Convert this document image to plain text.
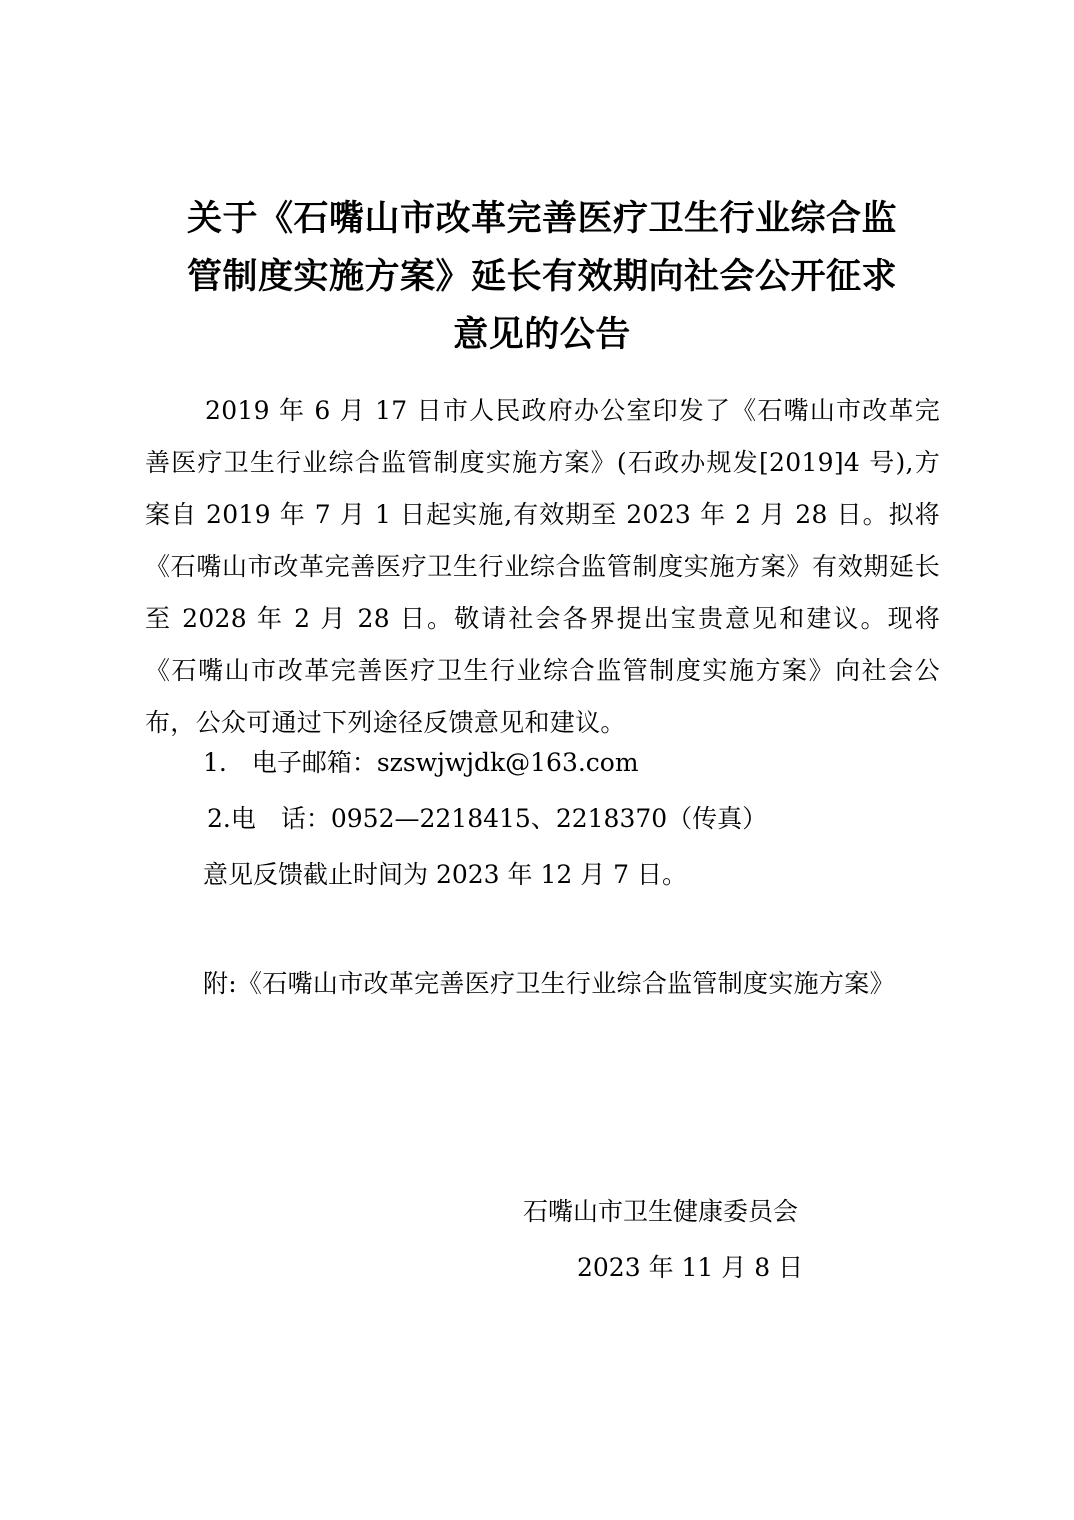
关于《石嘴山市改革完善医疗卫生行业综合监
管制度实施方案》延长有效期向社会公开征求
意见的公告

2019 年 6 月 17 日市人民政府办公室印发了《石嘴山市改革完善医疗卫生行业综合监管制度实施方案》(石政办规发[2019]4 号),方案自 2019 年 7 月 1 日起实施,有效期至 2023 年 2 月 28 日。拟将《石嘴山市改革完善医疗卫生行业综合监管制度实施方案》有效期延长至 2028 年 2 月 28 日。敬请社会各界提出宝贵意见和建议。现将《石嘴山市改革完善医疗卫生行业综合监管制度实施方案》向社会公布，公众可通过下列途径反馈意见和建议。

1.　电子邮箱：szswjwjdk@163.com

2.电　话：0952—2218415、2218370（传真）

意见反馈截止时间为 2023 年 12 月 7 日。

附:《石嘴山市改革完善医疗卫生行业综合监管制度实施方案》

石嘴山市卫生健康委员会

2023 年 11 月 8 日
